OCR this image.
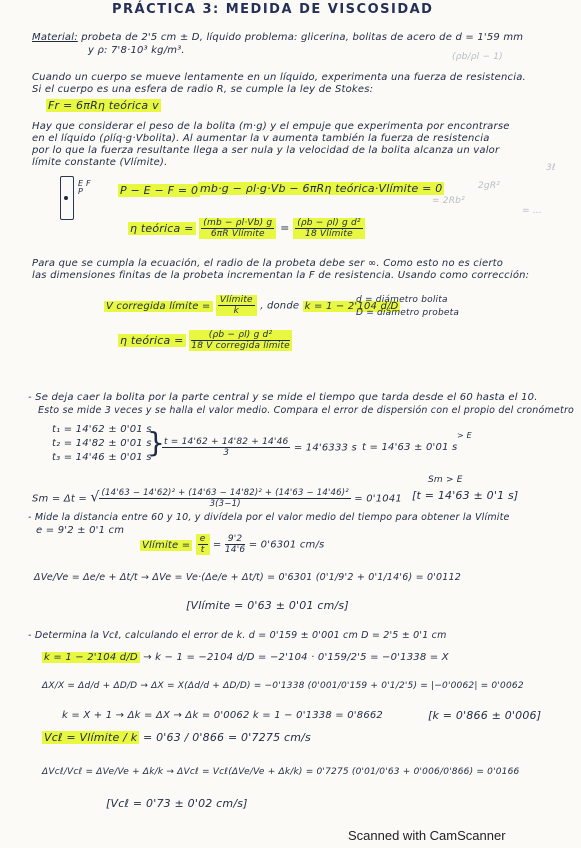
PRÁCTICA 3: MEDIDA DE VISCOSIDAD
Material: probeta de 2'5 cm ± D, líquido problema: glicerina, bolitas de acero de d = 1'59 mm
y ρ: 7'8·10³ kg/m³.
(ρb/ρl − 1)
2gR²
3ℓ
= 2Rb²
= ...
Cuando un cuerpo se mueve lentamente en un líquido, experimenta una fuerza de resistencia.
Si el cuerpo es una esfera de radio R, se cumple la ley de Stokes:
Fr = 6πRη teórica v
Hay que considerar el peso de la bolita (m·g) y el empuje que experimenta por encontrarse
en el líquido (ρlíq·g·Vbolita). Al aumentar la v aumenta también la fuerza de resistencia
por lo que la fuerza resultante llega a ser nula y la velocidad de la bolita alcanza un valor
límite constante (Vlímite).
E F
P	P − E − F = 0 mb·g − ρl·g·Vb − 6πRη teórica·Vlímite = 0
η teórica = $\frac{(mb - \rho l\cdot Vb) g}{\text{6πR Vlímite}} = \frac{\text{(ρb − ρl) g d²}}{\text{18 Vlímite}}$
Para que se cumpla la ecuación, el radio de la probeta debe ser ∞. Como esto no es cierto
las dimensiones finitas de la probeta incrementan la F de resistencia. Usando como corrección:
V corregida límite = $\frac{\text{Vlímite}}{k}$ , donde k = 1 − 2'104 d/D
d = diámetro bolita
D = diámetro probeta
η teórica = $\frac{\text{(ρb − ρl) g d²}}{\text{18 V corregida límite}}$
- Se deja caer la bolita por la parte central y se mide el tiempo que tarda desde el 60 hasta el 10.
Esto se mide 3 veces y se halla el valor medio. Compara el error de dispersión con el propio del cronómetro
t₁ = 14'62 ± 0'01 s
t₂ = 14'82 ± 0'01 s
t₃ = 14'46 ± 0'01 s
}
$\frac{t = 14'62 + 14'82 + 14'46}{3} = 14'6333$ s t = 14'63 ± 0'01 s
> E
Sm > E
Sm = Δt = √ $\frac{\text{(14'63 − 14'62)² + (14'63 − 14'82)² + (14'63 − 14'46)²}}{3(3-1)} = 0'1041$ [t = 14'63 ± 0'1 s]
- Mide la distancia entre 60 y 10, y divídela por el valor medio del tiempo para obtener la Vlímite
e = 9'2 ± 0'1 cm
Vlímite = $\frac{e}{t} = \frac{9'2}{14'6} = 0'6301$ cm/s
ΔVe/Ve = Δe/e + Δt/t → ΔVe = Ve·(Δe/e + Δt/t) = 0'6301 (0'1/9'2 + 0'1/14'6) = 0'0112
[Vlímite = 0'63 ± 0'01 cm/s]
- Determina la Vcℓ, calculando el error de k. d = 0'159 ± 0'001 cm D = 2'5 ± 0'1 cm
k = 1 − 2'104 d/D → k − 1 = −2104 d/D = −2'104 · 0'159/2'5 = −0'1338 = X
ΔX/X = Δd/d + ΔD/D → ΔX = X(Δd/d + ΔD/D) = −0'1338 (0'001/0'159 + 0'1/2'5) = |−0'0062| = 0'0062
k = X + 1 → Δk = ΔX → Δk = 0'0062 k = 1 − 0'1338 = 0'8662	[k = 0'866 ± 0'006]
Vcℓ = Vlímite / k = 0'63 / 0'866 = 0'7275 cm/s
ΔVcℓ/Vcℓ = ΔVe/Ve + Δk/k → ΔVcℓ = Vcℓ(ΔVe/Ve + Δk/k) = 0'7275 (0'01/0'63 + 0'006/0'866) = 0'0166
[Vcℓ = 0'73 ± 0'02 cm/s]
Scanned with CamScanner
